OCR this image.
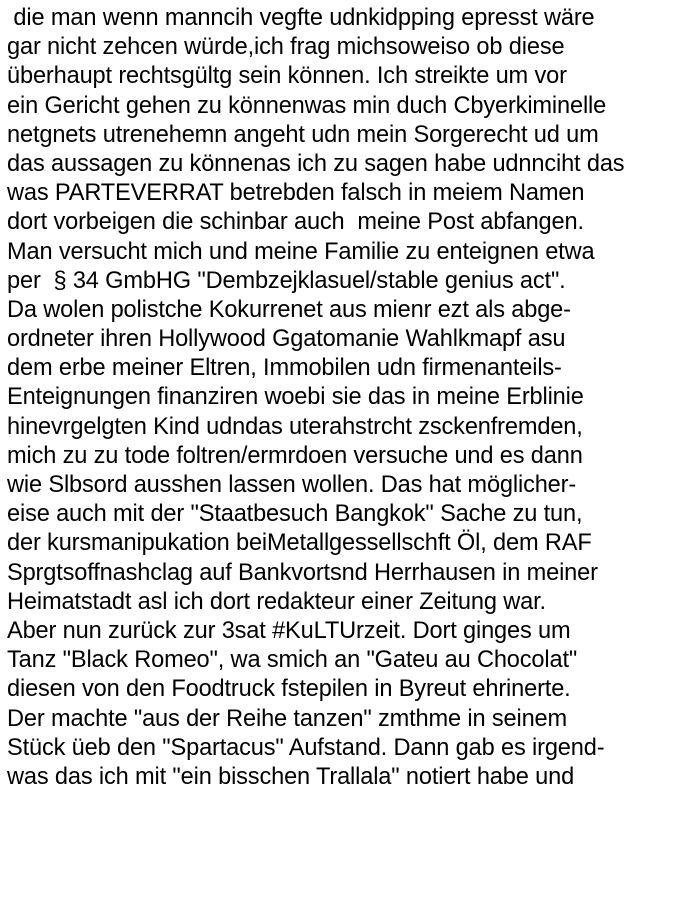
die man wenn manncih vegfte udnkidpping epresst wäre
gar nicht zehcen würde,ich frag michsoweiso ob diese
überhaupt rechtsgültg sein können. Ich streikte um vor
ein Gericht gehen zu könnenwas min duch Cbyerkiminelle
netgnets utrenehemn angeht udn mein Sorgerecht ud um
das aussagen zu könnenas ich zu sagen habe udnnciht das
was PARTEVERRAT betrebden falsch in meiem Namen
dort vorbeigen die schinbar auch  meine Post abfangen.
Man versucht mich und meine Familie zu enteignen etwa
per  § 34 GmbHG "Dembzejklasuel/stable genius act".
Da wolen polistche Kokurrenet aus mienr ezt als abge-
ordneter ihren Hollywood Ggatomanie Wahlkmapf asu
dem erbe meiner Eltren, Immobilen udn firmenanteils-
Enteignungen finanziren woebi sie das in meine Erblinie
hinevrgelgten Kind udndas uterahstrcht zsckenfremden,
mich zu zu tode foltren/ermrdoen versuche und es dann
wie Slbsord ausshen lassen wollen. Das hat möglicher-
eise auch mit der "Staatbesuch Bangkok" Sache zu tun,
der kursmanipukation beiMetallgessellschft Öl, dem RAF
Sprgtsoffnashclag auf Bankvortsnd Herrhausen in meiner
Heimatstadt asl ich dort redakteur einer Zeitung war.
Aber nun zurück zur 3sat #KuLTUrzeit. Dort ginges um
Tanz "Black Romeo", wa smich an "Gateu au Chocolat"
diesen von den Foodtruck fstepilen in Byreut ehrinerte.
Der machte "aus der Reihe tanzen" zmthme in seinem
Stück üeb den "Spartacus" Aufstand. Dann gab es irgend-
was das ich mit "ein bisschen Trallala" notiert habe und
